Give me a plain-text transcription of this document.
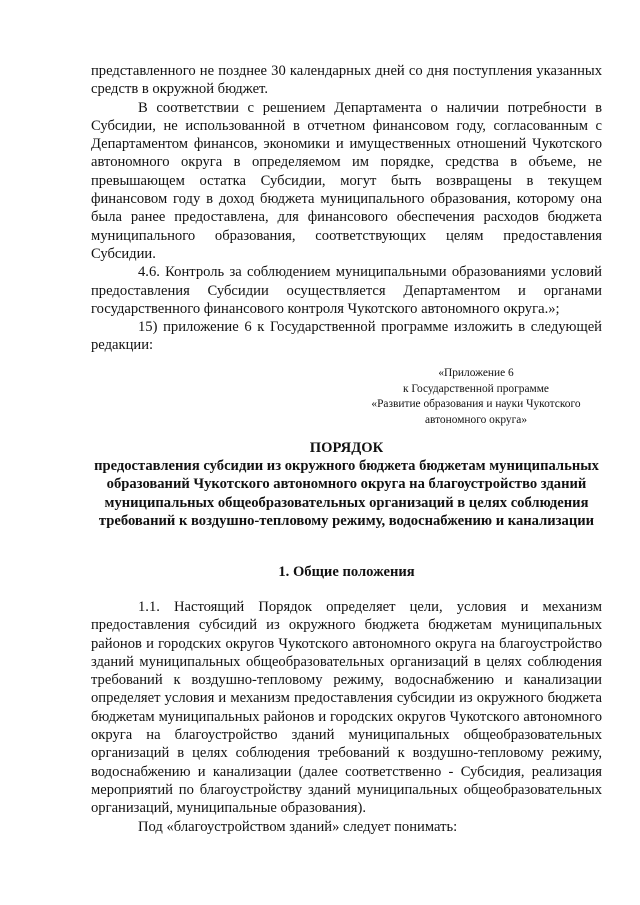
представленного не позднее 30 календарных дней со дня поступления указанных средств в окружной бюджет.

В соответствии с решением Департамента о наличии потребности в Субсидии, не использованной в отчетном финансовом году, согласованным с Департаментом финансов, экономики и имущественных отношений Чукотского автономного округа в определяемом им порядке, средства в объеме, не превышающем остатка Субсидии, могут быть возвращены в текущем финансовом году в доход бюджета муниципального образования, которому она была ранее предоставлена, для финансового обеспечения расходов бюджета муниципального образования, соответствующих целям предоставления Субсидии.

4.6. Контроль за соблюдением муниципальными образованиями условий предоставления Субсидии осуществляется Департаментом и органами государственного финансового контроля Чукотского автономного округа.»;

15) приложение 6 к Государственной программе изложить в следующей редакции:

«Приложение 6

к Государственной программе

«Развитие образования и науки Чукотского

автономного округа»

ПОРЯДОК

предоставления субсидии из окружного бюджета бюджетам муниципальных образований Чукотского автономного округа на благоустройство зданий муниципальных общеобразовательных организаций в целях соблюдения требований к воздушно-тепловому режиму, водоснабжению и канализации

1. Общие положения

1.1. Настоящий Порядок определяет цели, условия и механизм предоставления субсидий из окружного бюджета бюджетам муниципальных районов и городских округов Чукотского автономного округа на благоустройство зданий муниципальных общеобразовательных организаций в целях соблюдения требований к воздушно-тепловому режиму, водоснабжению и канализации определяет условия и механизм предоставления субсидии из окружного бюджета бюджетам муниципальных районов и городских округов Чукотского автономного округа на благоустройство зданий муниципальных общеобразовательных организаций в целях соблюдения требований к воздушно-тепловому режиму, водоснабжению и канализации (далее соответственно - Субсидия, реализация мероприятий по благоустройству зданий муниципальных общеобразовательных организаций, муниципальные образования).

Под «благоустройством зданий» следует понимать:
